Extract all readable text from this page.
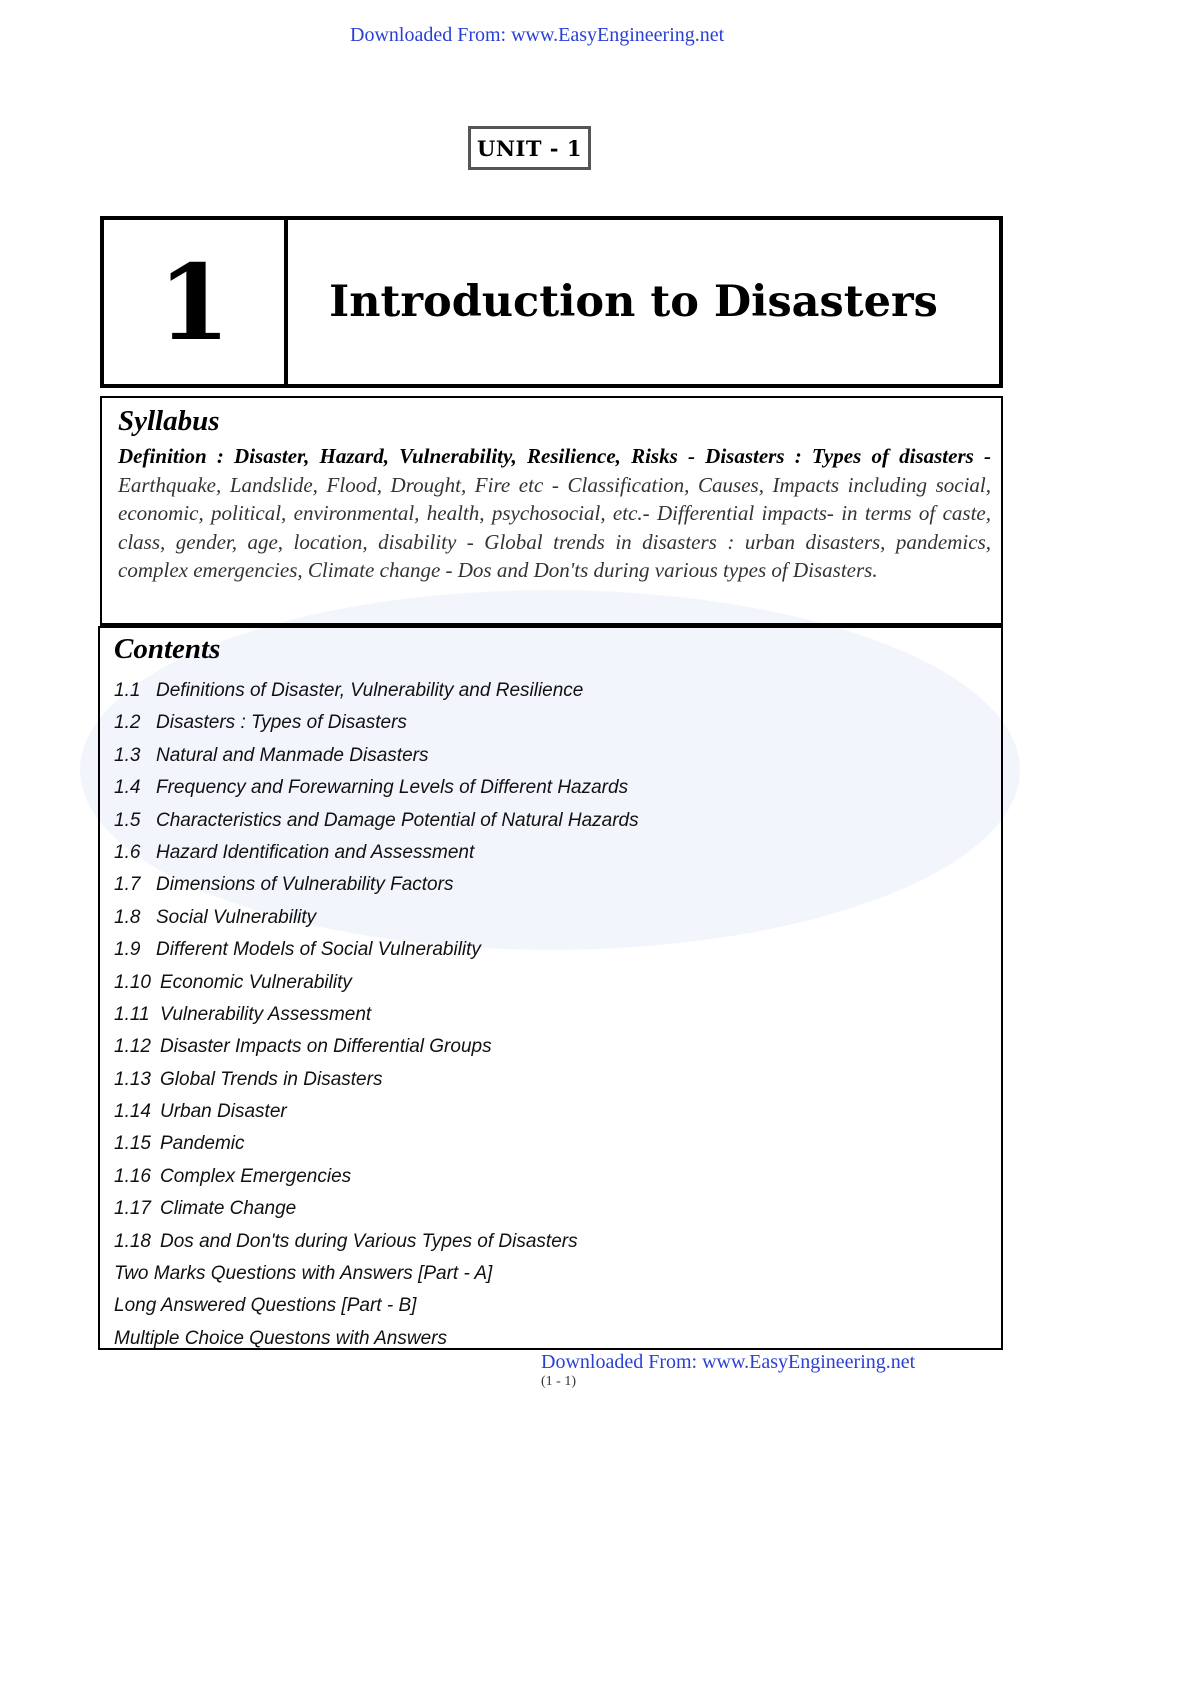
Downloaded From: www.EasyEngineering.net
UNIT - 1
1	Introduction to Disasters
Syllabus

Definition : Disaster, Hazard, Vulnerability, Resilience, Risks - Disasters : Types of disasters - Earthquake, Landslide, Flood, Drought, Fire etc - Classification, Causes, Impacts including social, economic, political, environmental, health, psychosocial, etc.- Differential impacts- in terms of caste, class, gender, age, location, disability - Global trends in disasters : urban disasters, pandemics, complex emergencies, Climate change - Dos and Don'ts during various types of Disasters.

Contents
1.1 Definitions of Disaster, Vulnerability and Resilience
1.2 Disasters : Types of Disasters
1.3 Natural and Manmade Disasters
1.4 Frequency and Forewarning Levels of Different Hazards
1.5 Characteristics and Damage Potential of Natural Hazards
1.6 Hazard Identification and Assessment
1.7 Dimensions of Vulnerability Factors
1.8 Social Vulnerability
1.9 Different Models of Social Vulnerability
1.10 Economic Vulnerability
1.11 Vulnerability Assessment
1.12 Disaster Impacts on Differential Groups
1.13 Global Trends in Disasters
1.14 Urban Disaster
1.15 Pandemic
1.16 Complex Emergencies
1.17 Climate Change
1.18 Dos and Don'ts during Various Types of Disasters
Two Marks Questions with Answers [Part - A]
Long Answered Questions [Part - B]
Multiple Choice Questons with Answers
Downloaded From: www.EasyEngineering.net
(1 - 1)
